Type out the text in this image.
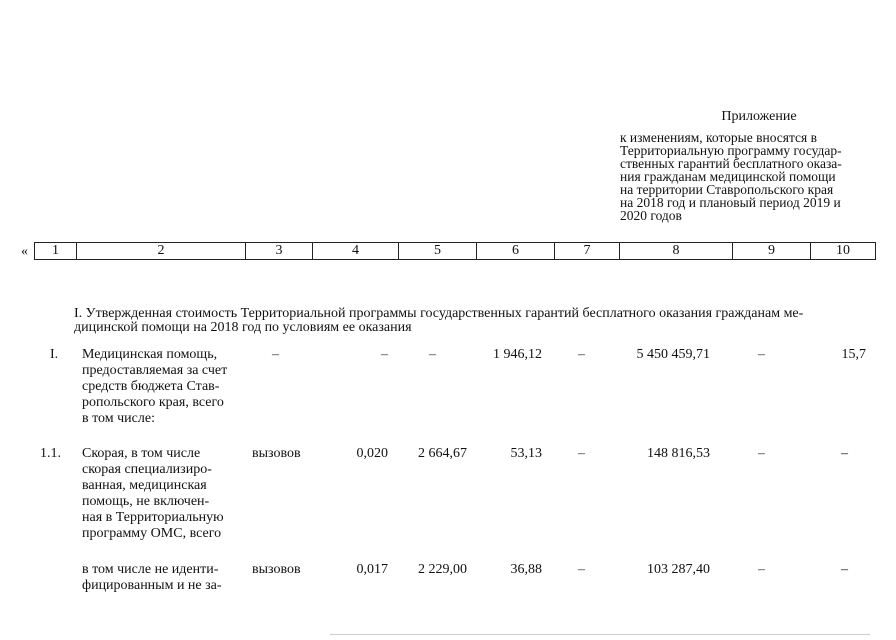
Приложение
к изменениям, которые вносятся в
Территориальную программу государ-
ственных гарантий бесплатного оказа-
ния гражданам медицинской помощи
на территории Ставропольского края
на 2018 год и плановый период 2019 и
2020 годов
« 1	2	3	4	5	6	7	8	9	10
I. Утвержденная стоимость Территориальной программы государственных гарантий бесплатного оказания гражданам ме-
дицинской помощи на 2018 год по условиям ее оказания
I. Медицинская помощь,
предоставляемая за счет
средств бюджета Став-
ропольского края, всего
в том числе:
–	–	–	1 946,12	–	5 450 459,71	–	15,7
1.1. Скорая, в том числе
скорая специализиро-
ванная, медицинская
помощь, не включен-
ная в Территориальную
программу ОМС, всего
вызовов	0,020	2 664,67	53,13	–	148 816,53	–	–
в том числе не иденти-
фицированным и не за-
вызовов	0,017	2 229,00	36,88	–	103 287,40	–	–
